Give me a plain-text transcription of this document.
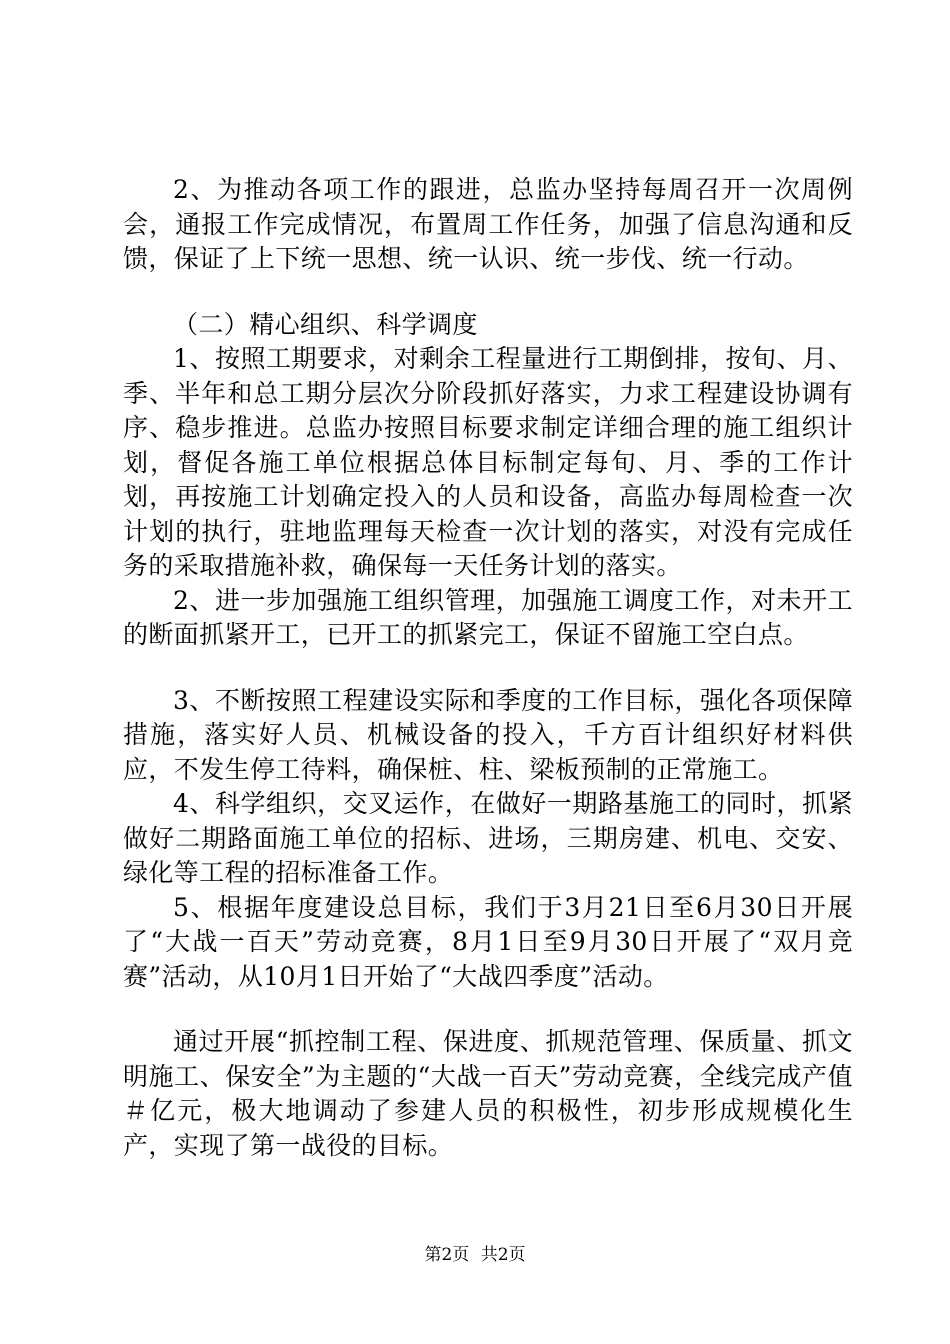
2、为推动各项工作的跟进，总监办坚持每周召开一次周例会，通报工作完成情况，布置周工作任务，加强了信息沟通和反馈，保证了上下统一思想、统一认识、统一步伐、统一行动。

（二）精心组织、科学调度

1、按照工期要求，对剩余工程量进行工期倒排，按旬、月、季、半年和总工期分层次分阶段抓好落实，力求工程建设协调有序、稳步推进。总监办按照目标要求制定详细合理的施工组织计划，督促各施工单位根据总体目标制定每旬、月、季的工作计划，再按施工计划确定投入的人员和设备，高监办每周检查一次计划的执行，驻地监理每天检查一次计划的落实，对没有完成任务的采取措施补救，确保每一天任务计划的落实。

2、进一步加强施工组织管理，加强施工调度工作，对未开工的断面抓紧开工，已开工的抓紧完工，保证不留施工空白点。

3、不断按照工程建设实际和季度的工作目标，强化各项保障措施，落实好人员、机械设备的投入，千方百计组织好材料供应，不发生停工待料，确保桩、柱、梁板预制的正常施工。

4、科学组织，交叉运作，在做好一期路基施工的同时，抓紧做好二期路面施工单位的招标、进场，三期房建、机电、交安、绿化等工程的招标准备工作。

5、根据年度建设总目标，我们于3月21日至6月30日开展了“大战一百天”劳动竞赛，8月1日至9月30日开展了“双月竞赛”活动，从10月1日开始了“大战四季度”活动。

通过开展“抓控制工程、保进度、抓规范管理、保质量、抓文明施工、保安全”为主题的“大战一百天”劳动竞赛，全线完成产值＃亿元，极大地调动了参建人员的积极性，初步形成规模化生产，实现了第一战役的目标。

第2页 共2页
